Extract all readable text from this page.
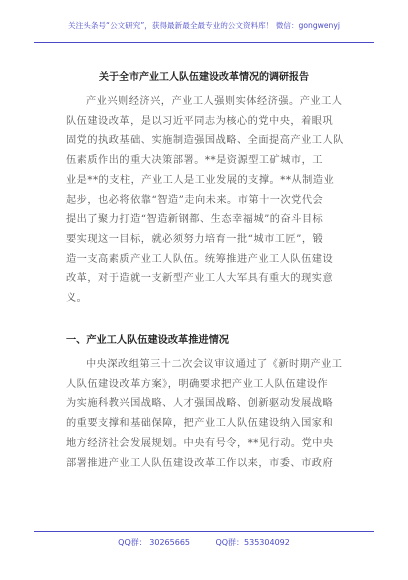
关注头条号“公文研究”，获得最新最全最专业的公文资料库！ 微信：gongwenyj
关于全市产业工人队伍建设改革情况的调研报告
产业兴则经济兴，产业工人强则实体经济强。产业工人
队伍建设改革，是以习近平同志为核心的党中央，着眼巩
固党的执政基础、实施制造强国战略、全面提高产业工人队
伍素质作出的重大决策部署。**是资源型工矿城市，工
业是**的支柱，产业工人是工业发展的支撑。**从制造业
起步，也必将依靠“智造”走向未来。市第十一次党代会
提出了聚力打造“智造新钢都、生态幸福城”的奋斗目标
要实现这一目标，就必须努力培育一批“城市工匠”，锻
造一支高素质产业工人队伍。统筹推进产业工人队伍建设
改革，对于造就一支新型产业工人大军具有重大的现实意
义。
一、产业工人队伍建设改革推进情况
中央深改组第三十二次会议审议通过了《新时期产业工
人队伍建设改革方案》，明确要求把产业工人队伍建设作
为实施科教兴国战略、人才强国战略、创新驱动发展战略
的重要支撑和基础保障，把产业工人队伍建设纳入国家和
地方经济社会发展规划。中央有号令，**见行动。党中央
部署推进产业工人队伍建设改革工作以来，市委、市政府
QQ群： 30265665          QQ群：535304092
